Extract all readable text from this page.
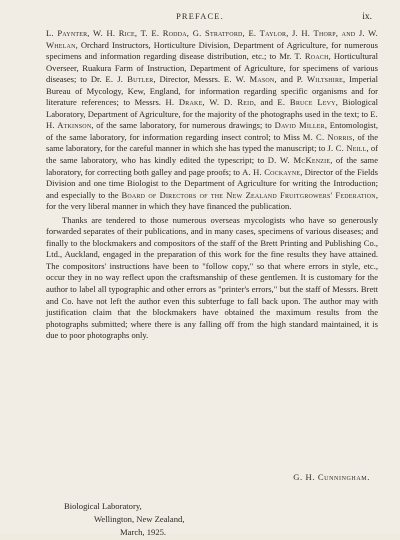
PREFACE.	ix.

L. Paynter, W. H. Rice, T. E. Rodda, G. Stratford, E. Taylor, J. H. Thorp, and J. W. Whelan, Orchard Instructors, Horticulture Division, Department of Agriculture, for numerous specimens and information regarding disease distribution, etc.; to Mr. T. Roach, Horticultural Overseer, Ruakura Farm of Instruction, Department of Agriculture, for specimens of various diseases; to Dr. E. J. Butler, Director, Messrs. E. W. Mason, and P. Wiltshire, Imperial Bureau of Mycology, Kew, England, for information regarding specific organisms and for literature references; to Messrs. H. Drake, W. D. Reid, and E. Bruce Levy, Biological Laboratory, Department of Agriculture, for the majority of the photographs used in the text; to E. H. Atkinson, of the same laboratory, for numerous drawings; to David Miller, Entomologist, of the same laboratory, for information regarding insect control; to Miss M. C. Norris, of the same laboratory, for the careful manner in which she has typed the manuscript; to J. C. Neill, of the same laboratory, who has kindly edited the typescript; to D. W. McKenzie, of the same laboratory, for correcting both galley and page proofs; to A. H. Cockayne, Director of the Fields Division and one time Biologist to the Department of Agriculture for writing the Introduction; and especially to the Board of Directors of the New Zealand Fruitgrowers' Federation, for the very liberal manner in which they have financed the publication.

Thanks are tendered to those numerous overseas mycologists who have so generously forwarded separates of their publications, and in many cases, specimens of various diseases; and finally to the blockmakers and compositors of the staff of the Brett Printing and Publishing Co., Ltd., Auckland, engaged in the preparation of this work for the fine results they have attained. The compositors' instructions have been to "follow copy," so that where errors in style, etc., occur they in no way reflect upon the craftsmanship of these gentlemen. It is customary for the author to label all typographic and other errors as "printer's errors," but the staff of Messrs. Brett and Co. have not left the author even this subterfuge to fall back upon. The author may with justification claim that the blockmakers have obtained the maximum results from the photographs submitted; where there is any falling off from the high standard maintained, it is due to poor photographs only.

G. H. Cunningham.
Biological Laboratory,
Wellington, New Zealand,
March, 1925.
